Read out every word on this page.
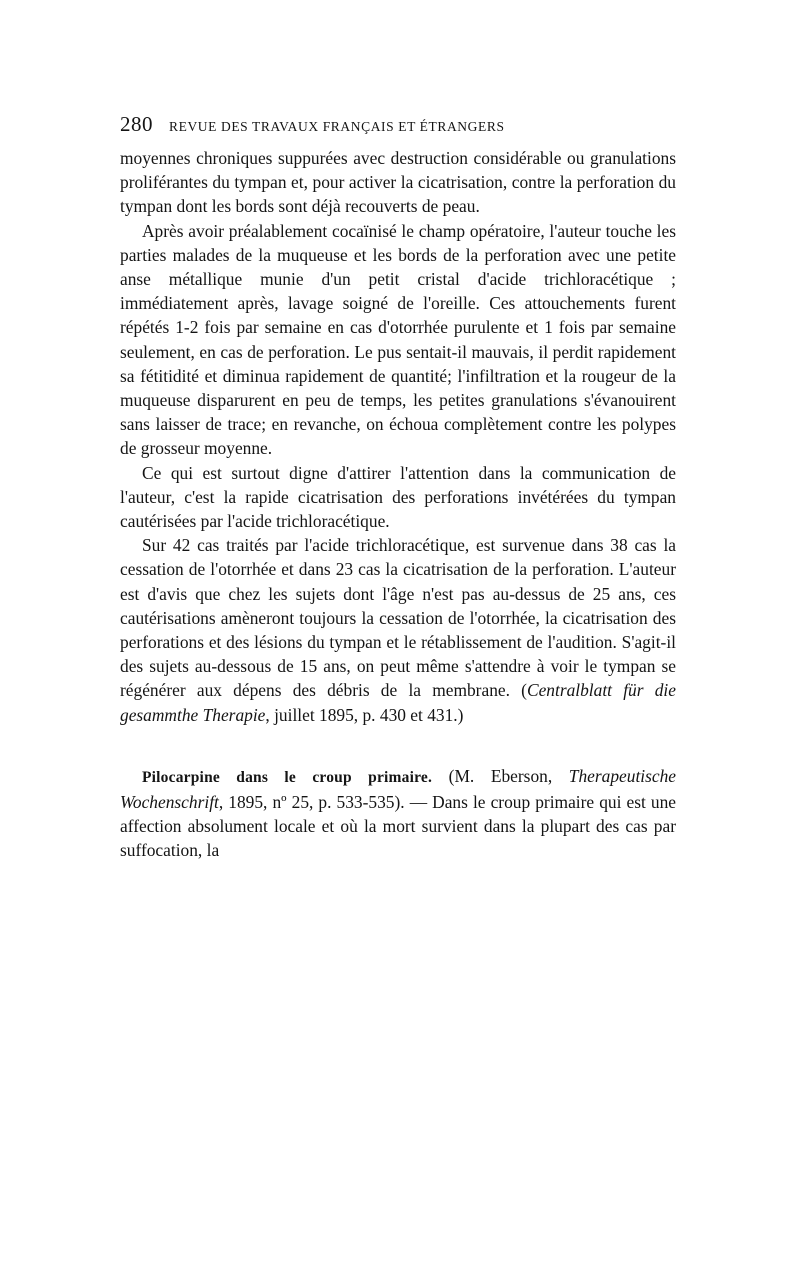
280 REVUE DES TRAVAUX FRANÇAIS ET ÉTRANGERS

moyennes chroniques suppurées avec destruction considérable ou granulations proliférantes du tympan et, pour activer la cicatrisation, contre la perforation du tympan dont les bords sont déjà recouverts de peau.

Après avoir préalablement cocaïnisé le champ opératoire, l'auteur touche les parties malades de la muqueuse et les bords de la perforation avec une petite anse métallique munie d'un petit cristal d'acide trichloracétique ; immédiatement après, lavage soigné de l'oreille. Ces attouchements furent répétés 1-2 fois par semaine en cas d'otorrhée purulente et 1 fois par semaine seulement, en cas de perforation. Le pus sentait-il mauvais, il perdit rapidement sa fétitidité et diminua rapidement de quantité; l'infiltration et la rougeur de la muqueuse disparurent en peu de temps, les petites granulations s'évanouirent sans laisser de trace; en revanche, on échoua complètement contre les polypes de grosseur moyenne.

Ce qui est surtout digne d'attirer l'attention dans la communication de l'auteur, c'est la rapide cicatrisation des perforations invétérées du tympan cautérisées par l'acide trichloracétique.

Sur 42 cas traités par l'acide trichloracétique, est survenue dans 38 cas la cessation de l'otorrhée et dans 23 cas la cicatrisation de la perforation. L'auteur est d'avis que chez les sujets dont l'âge n'est pas au-dessus de 25 ans, ces cautérisations amèneront toujours la cessation de l'otorrhée, la cicatrisation des perforations et des lésions du tympan et le rétablissement de l'audition. S'agit-il des sujets au-dessous de 15 ans, on peut même s'attendre à voir le tympan se régénérer aux dépens des débris de la membrane. (Centralblatt für die gesammthe Therapie, juillet 1895, p. 430 et 431.)

Pilocarpine dans le croup primaire. (M. Eberson, Therapeutische Wochenschrift, 1895, nº 25, p. 533-535). — Dans le croup primaire qui est une affection absolument locale et où la mort survient dans la plupart des cas par suffocation, la
